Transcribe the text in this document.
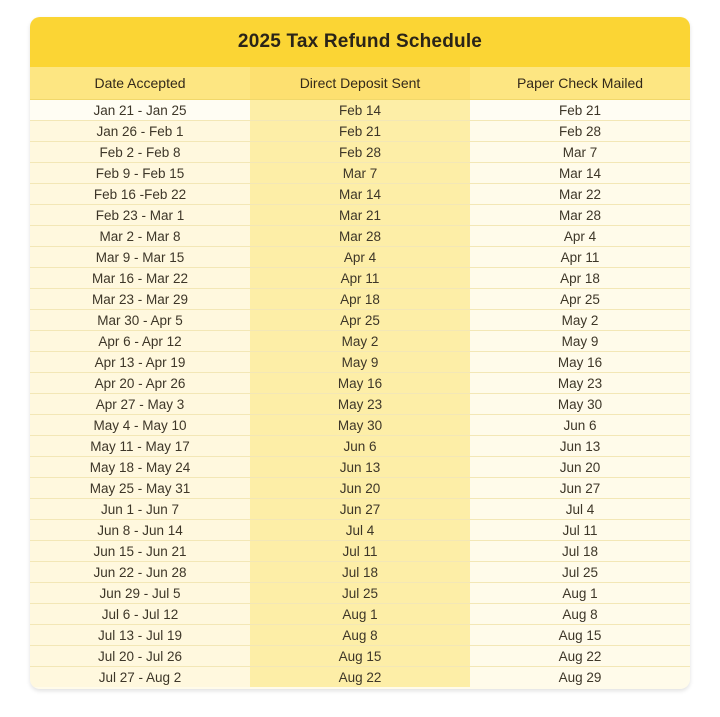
2025 Tax Refund Schedule
Date Accepted	Direct Deposit Sent	Paper Check Mailed
Jan 21 - Jan 25	Feb 14	Feb 21
Jan 26 - Feb 1	Feb 21	Feb 28
Feb 2 - Feb 8	Feb 28	Mar 7
Feb 9 - Feb 15	Mar 7	Mar 14
Feb 16 -Feb 22	Mar 14	Mar 22
Feb 23 - Mar 1	Mar 21	Mar 28
Mar 2 - Mar 8	Mar 28	Apr 4
Mar 9 - Mar 15	Apr 4	Apr 11
Mar 16 - Mar 22	Apr 11	Apr 18
Mar 23 - Mar 29	Apr 18	Apr 25
Mar 30 - Apr 5	Apr 25	May 2
Apr 6 - Apr 12	May 2	May 9
Apr 13 - Apr 19	May 9	May 16
Apr 20 - Apr 26	May 16	May 23
Apr 27 - May 3	May 23	May 30
May 4 - May 10	May 30	Jun 6
May 11 - May 17	Jun 6	Jun 13
May 18 - May 24	Jun 13	Jun 20
May 25 - May 31	Jun 20	Jun 27
Jun 1 - Jun 7	Jun 27	Jul 4
Jun 8 - Jun 14	Jul 4	Jul 11
Jun 15 - Jun 21	Jul 11	Jul 18
Jun 22 - Jun 28	Jul 18	Jul 25
Jun 29 - Jul 5	Jul 25	Aug 1
Jul 6 - Jul 12	Aug 1	Aug 8
Jul 13 - Jul 19	Aug 8	Aug 15
Jul 20 - Jul 26	Aug 15	Aug 22
Jul 27 - Aug 2	Aug 22	Aug 29
